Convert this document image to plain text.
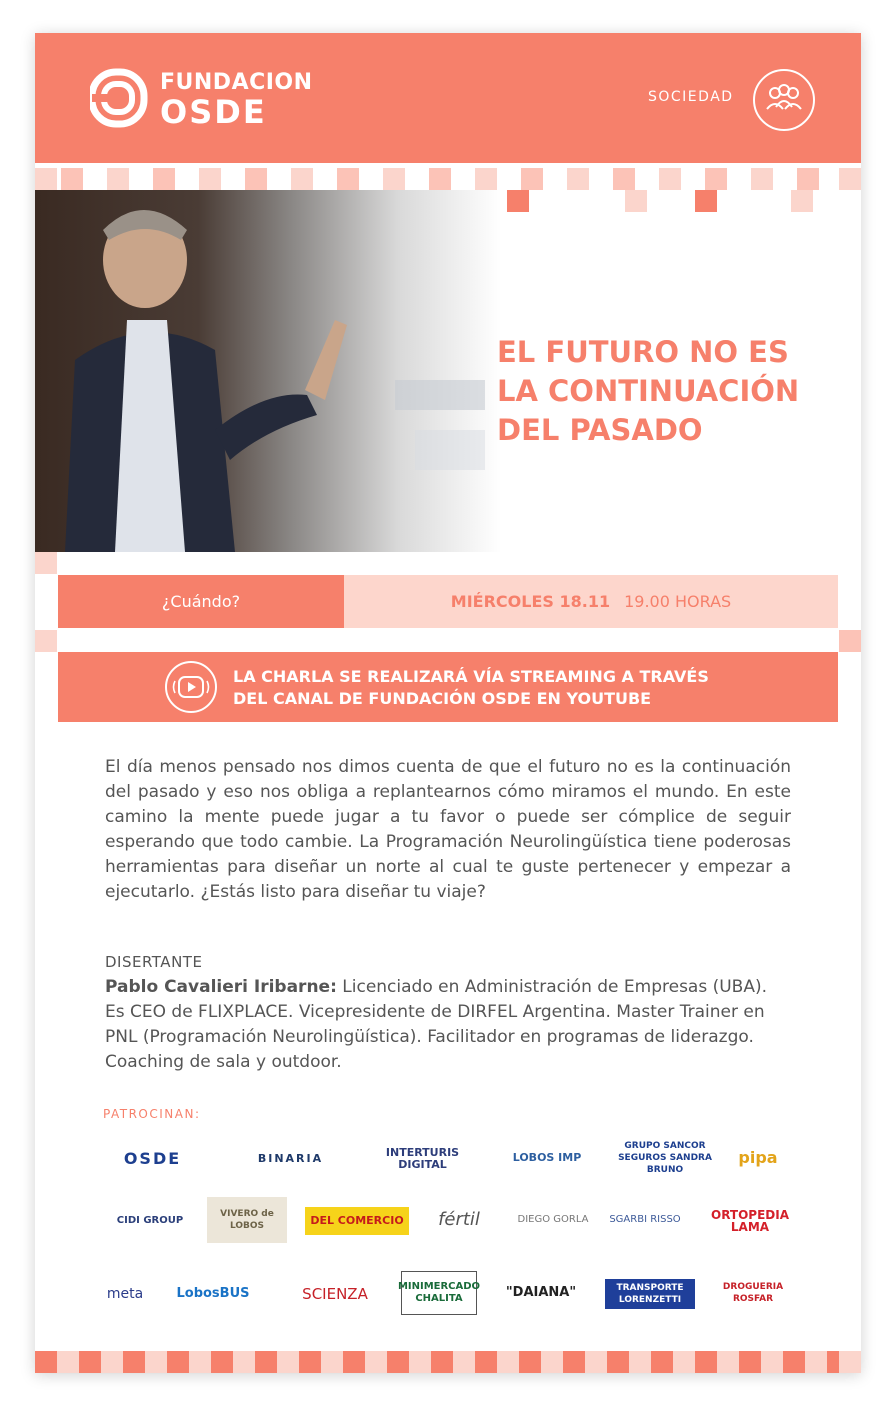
FUNDACION
OSDE	SOCIEDAD
EL FUTURO NO ES
LA CONTINUACIÓN
DEL PASADO
¿Cuándo?	MIÉRCOLES 18.11 19.00 HORAS
LA CHARLA SE REALIZARÁ VÍA STREAMING A TRAVÉS
DEL CANAL DE FUNDACIÓN OSDE EN YOUTUBE
El día menos pensado nos dimos cuenta de que el futuro no es la continuación del pasado y eso nos obliga a replantearnos cómo miramos el mundo. En este camino la mente puede jugar a tu favor o puede ser cómplice de seguir esperando que todo cambie. La Programación Neurolingüística tiene poderosas herramientas para diseñar un norte al cual te guste pertenecer y empezar a ejecutarlo. ¿Estás listo para diseñar tu viaje?
DISERTANTE
Pablo Cavalieri Iribarne: Licenciado en Administración de Empresas (UBA). Es CEO de FLIXPLACE. Vicepresidente de DIRFEL Argentina. Master Trainer en PNL (Programación Neurolingüística). Facilitador en programas de liderazgo. Coaching de sala y outdoor.
PATROCINAN:
OSDE	BINARIA	INTERTURIS DIGITAL
LOBOS IMP
GRUPO SANCOR SEGUROS SANDRA BRUNO
pipa
CIDI GROUP
VIVERO de LOBOS	DEL COMERCIO	fértil	DIEGO GORLA	SGARBI RISSO	ORTOPEDIA LAMA
meta	LobosBUS	SCIENZA	MINIMERCADO CHALITA	"DAIANA"	TRANSPORTE LORENZETTI
DROGUERIA ROSFAR
